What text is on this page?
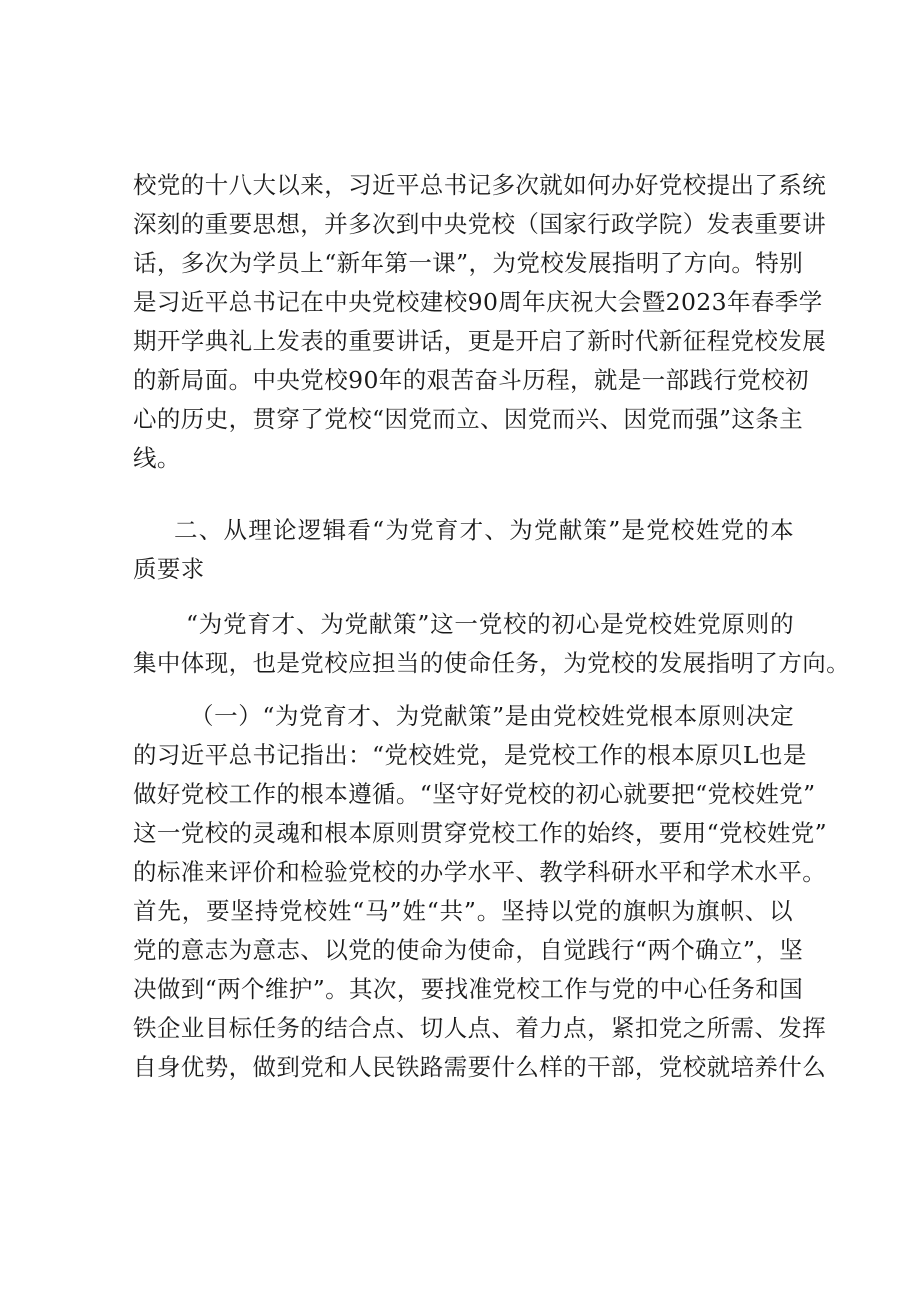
校党的十八大以来，习近平总书记多次就如何办好党校提出了系统
深刻的重要思想，并多次到中央党校（国家行政学院）发表重要讲
话，多次为学员上“新年第一课”，为党校发展指明了方向。特别
是习近平总书记在中央党校建校90周年庆祝大会暨2023年春季学
期开学典礼上发表的重要讲话，更是开启了新时代新征程党校发展
的新局面。中央党校90年的艰苦奋斗历程，就是一部践行党校初
心的历史，贯穿了党校“因党而立、因党而兴、因党而强”这条主
线。
二、从理论逻辑看“为党育才、为党献策”是党校姓党的本
质要求
“为党育才、为党献策”这一党校的初心是党校姓党原则的
集中体现，也是党校应担当的使命任务，为党校的发展指明了方向。
（一）“为党育才、为党献策”是由党校姓党根本原则决定
的习近平总书记指出：“党校姓党，是党校工作的根本原贝L也是
做好党校工作的根本遵循。“坚守好党校的初心就要把“党校姓党”
这一党校的灵魂和根本原则贯穿党校工作的始终，要用“党校姓党”
的标准来评价和检验党校的办学水平、教学科研水平和学术水平。
首先，要坚持党校姓“马”姓“共”。坚持以党的旗帜为旗帜、以
党的意志为意志、以党的使命为使命，自觉践行“两个确立”，坚
决做到“两个维护”。其次，要找准党校工作与党的中心任务和国
铁企业目标任务的结合点、切人点、着力点，紧扣党之所需、发挥
自身优势，做到党和人民铁路需要什么样的干部，党校就培养什么
